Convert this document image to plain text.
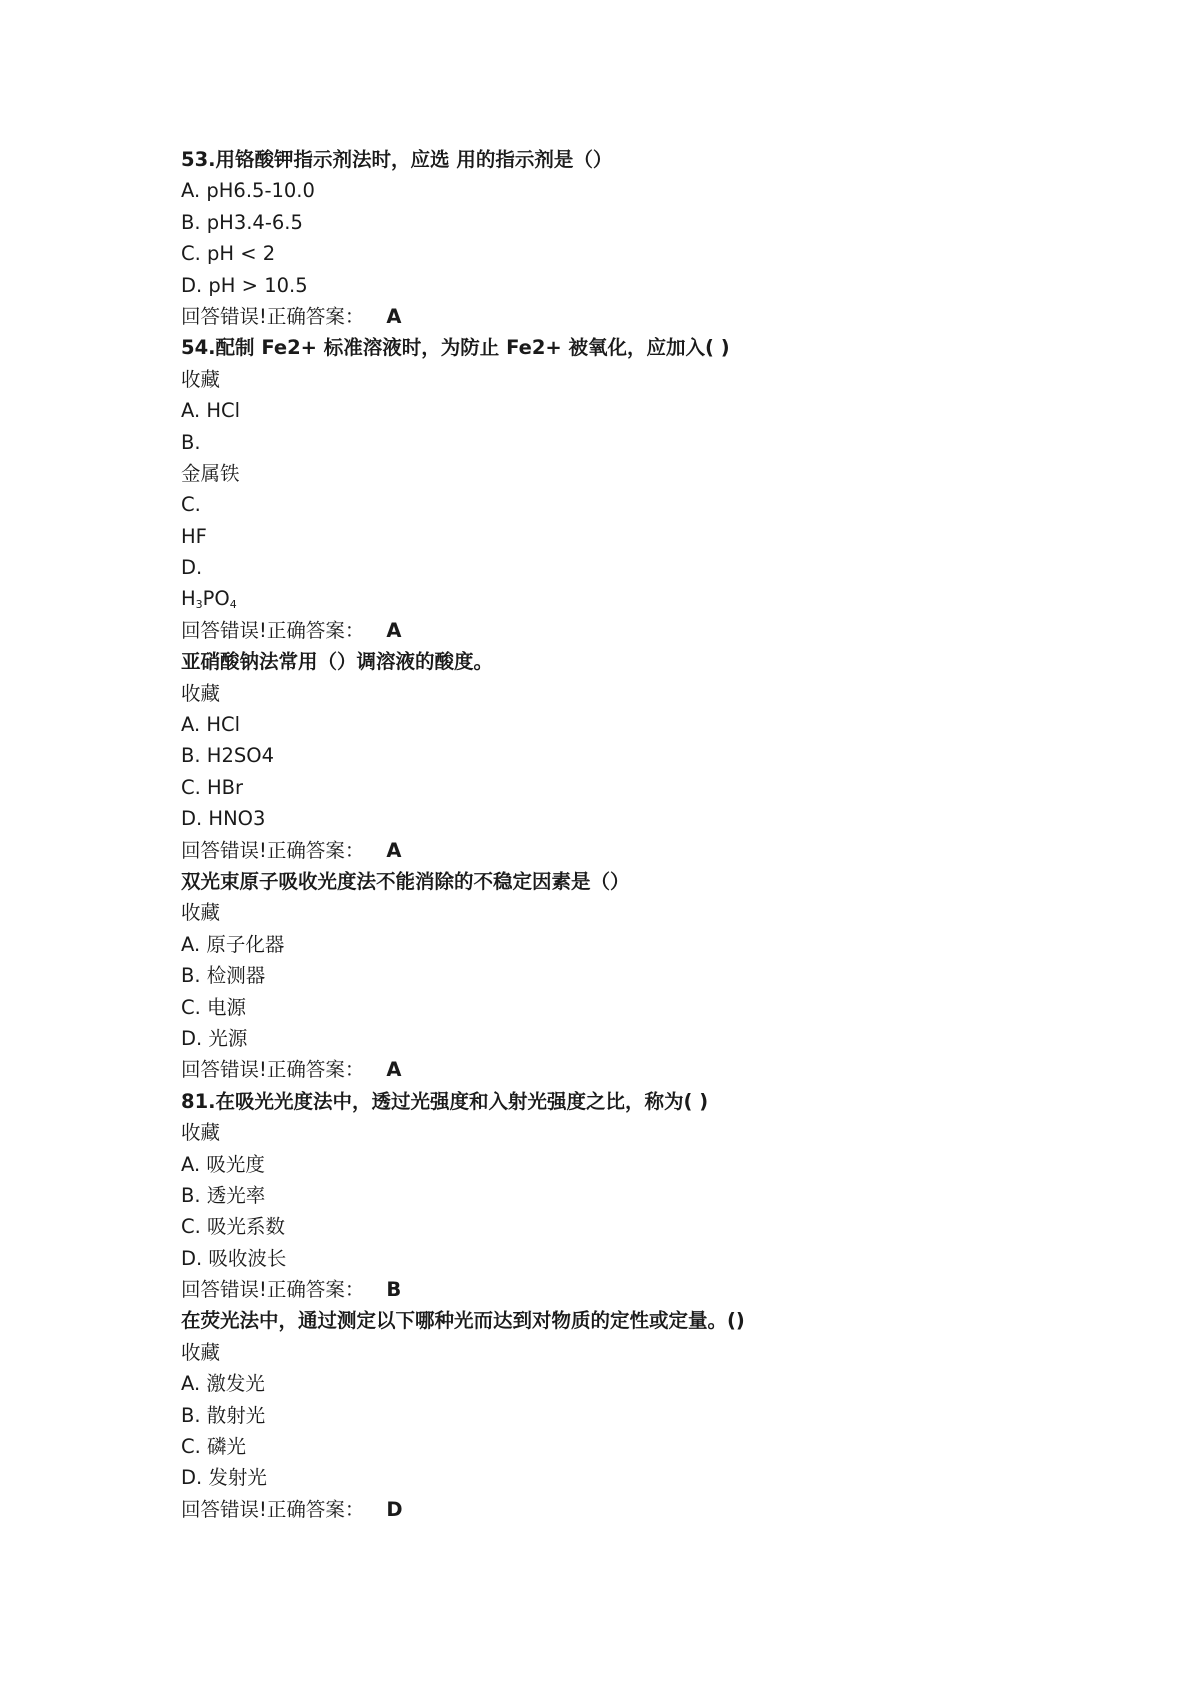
53.用铬酸钾指示剂法时，应选 用的指示剂是（）
A. pH6.5-10.0
B. pH3.4-6.5
C. pH < 2
D. pH > 10.5
回答错误!正确答案： A
54.配制 Fe2+ 标准溶液时，为防止 Fe2+ 被氧化，应加入( )
收藏
A. HCl
B.
金属铁
C.
HF
D.
$H_3PO_4$
回答错误!正确答案： A
亚硝酸钠法常用（）调溶液的酸度。
收藏
A. HCl
B. H2SO4
C. HBr
D. HNO3
回答错误!正确答案： A
双光束原子吸收光度法不能消除的不稳定因素是（）
收藏
A. 原子化器
B. 检测器
C. 电源
D. 光源
回答错误!正确答案： A
81.在吸光光度法中，透过光强度和入射光强度之比，称为( )
收藏
A. 吸光度
B. 透光率
C. 吸光系数
D. 吸收波长
回答错误!正确答案： B
在荧光法中，通过测定以下哪种光而达到对物质的定性或定量。()
收藏
A. 激发光
B. 散射光
C. 磷光
D. 发射光
回答错误!正确答案： D
